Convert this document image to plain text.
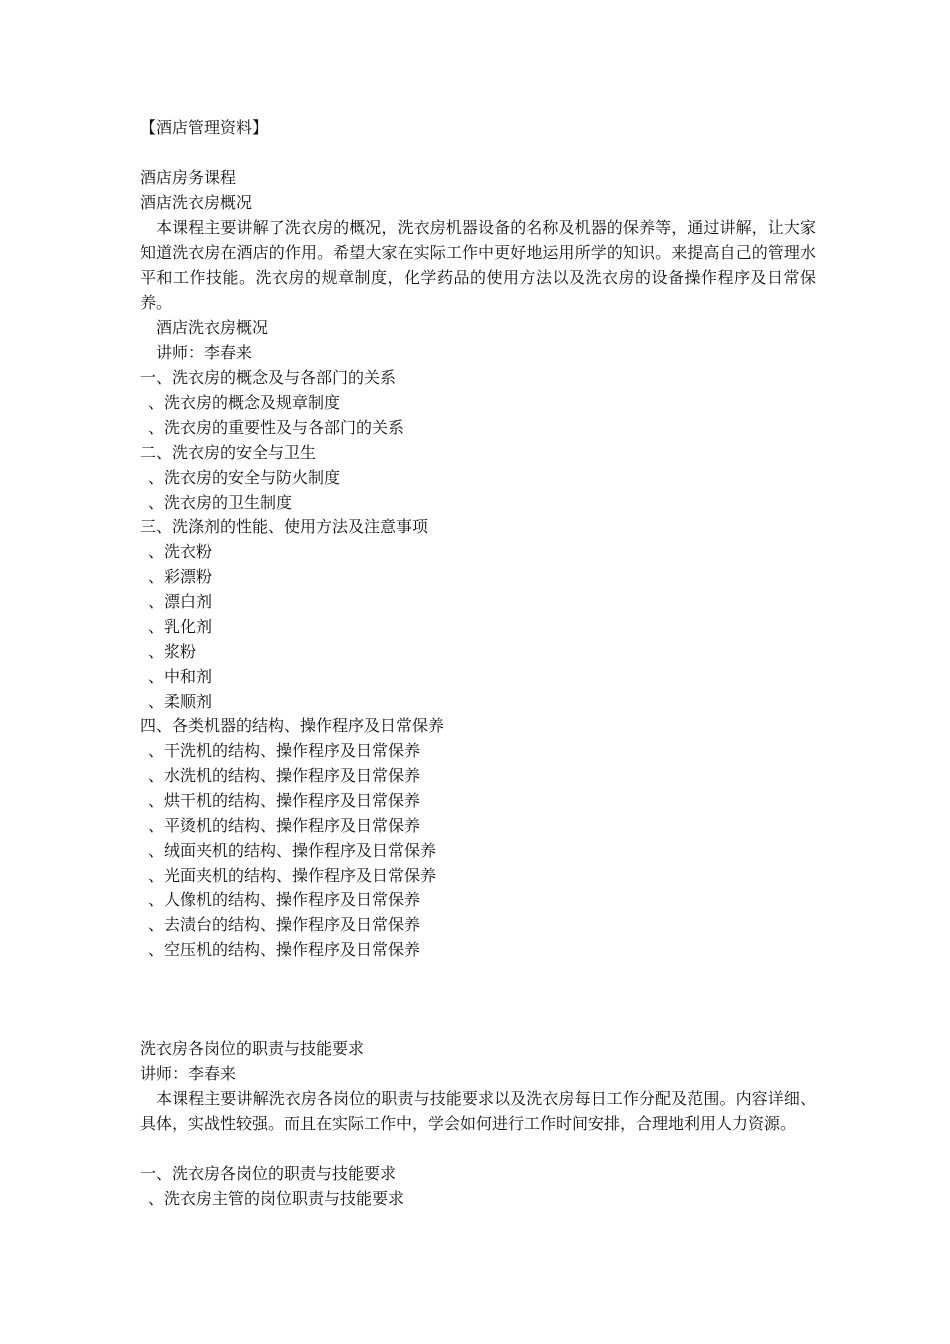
【酒店管理资料】
酒店房务课程
酒店洗衣房概况
本课程主要讲解了洗衣房的概况，洗衣房机器设备的名称及机器的保养等，通过讲解，让大家知道洗衣房在酒店的作用。希望大家在实际工作中更好地运用所学的知识。来提高自己的管理水平和工作技能。洗衣房的规章制度，化学药品的使用方法以及洗衣房的设备操作程序及日常保养。
酒店洗衣房概况
讲师：李春来
一、洗衣房的概念及与各部门的关系
、洗衣房的概念及规章制度
、洗衣房的重要性及与各部门的关系
二、洗衣房的安全与卫生
、洗衣房的安全与防火制度
、洗衣房的卫生制度
三、洗涤剂的性能、使用方法及注意事项
、洗衣粉
、彩漂粉
、漂白剂
、乳化剂
、浆粉
、中和剂
、柔顺剂
四、各类机器的结构、操作程序及日常保养
、干洗机的结构、操作程序及日常保养
、水洗机的结构、操作程序及日常保养
、烘干机的结构、操作程序及日常保养
、平烫机的结构、操作程序及日常保养
、绒面夹机的结构、操作程序及日常保养
、光面夹机的结构、操作程序及日常保养
、人像机的结构、操作程序及日常保养
、去渍台的结构、操作程序及日常保养
、空压机的结构、操作程序及日常保养
洗衣房各岗位的职责与技能要求
讲师：李春来
本课程主要讲解洗衣房各岗位的职责与技能要求以及洗衣房每日工作分配及范围。内容详细、具体，实战性较强。而且在实际工作中，学会如何进行工作时间安排，合理地利用人力资源。
一、洗衣房各岗位的职责与技能要求
、洗衣房主管的岗位职责与技能要求
